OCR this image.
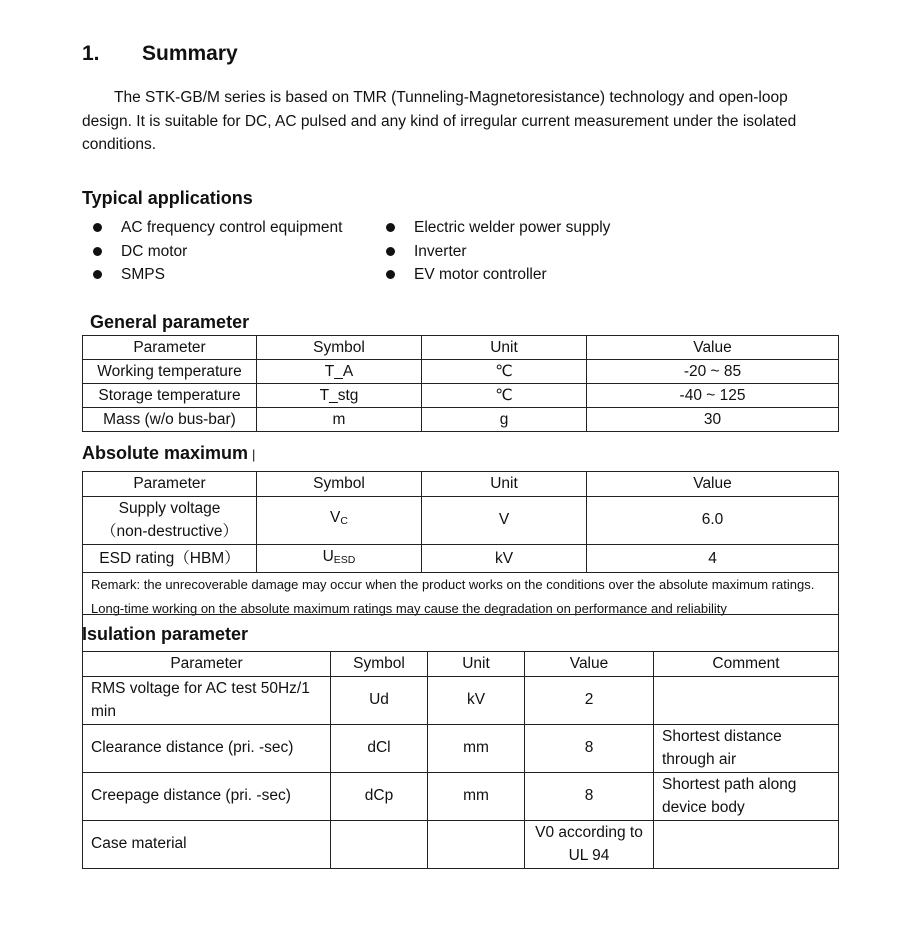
1. Summary

The STK-GB/M series is based on TMR (Tunneling-Magnetoresistance) technology and open-loop design. It is suitable for DC, AC pulsed and any kind of irregular current measurement under the isolated conditions.

Typical applications
AC frequency control equipment
DC motor
SMPS
Electric welder power supply
Inverter
EV motor controller
General parameter
Parameter	Symbol	Unit	Value
Working temperature	T_A	℃	-20 ~ 85
Storage temperature	T_stg	℃	-40 ~ 125
Mass (w/o bus-bar)	m	g	30
Absolute maximum |
Parameter	Symbol	Unit	Value

Supply voltage
（non-destructive）	$V_C$	V	6.0
ESD rating（HBM）	$U_{ESD}$	kV	4
Remark: the unrecoverable damage may occur when the product works on the conditions over the absolute maximum ratings. Long-time working on the absolute maximum ratings may cause the degradation on performance and reliability			
Isulation parameter
Parameter	Symbol	Unit	Value	Comment
RMS voltage for AC test 50Hz/1 min	Ud	kV	2	
Clearance distance (pri. -sec)	dCl	mm	8	Shortest distance through air
Creepage distance (pri. -sec)	dCp	mm	8	Shortest path along device body
Case material			V0 according to UL 94	
